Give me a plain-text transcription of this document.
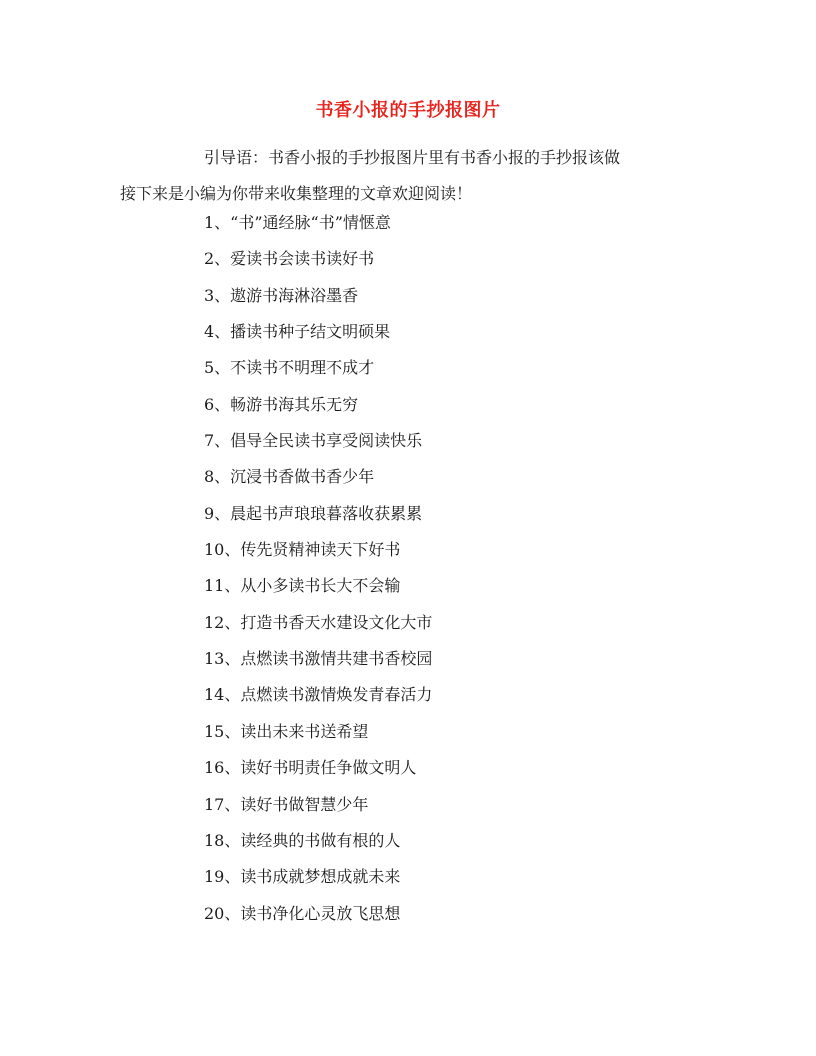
书香小报的手抄报图片
引导语：书香小报的手抄报图片里有书香小报的手抄报该做
接下来是小编为你带来收集整理的文章欢迎阅读！
1、“书”通经脉“书”情惬意
2、爱读书会读书读好书
3、遨游书海淋浴墨香
4、播读书种子结文明硕果
5、不读书不明理不成才
6、畅游书海其乐无穷
7、倡导全民读书享受阅读快乐
8、沉浸书香做书香少年
9、晨起书声琅琅暮落收获累累
10、传先贤精神读天下好书
11、从小多读书长大不会输
12、打造书香天水建设文化大市
13、点燃读书激情共建书香校园
14、点燃读书激情焕发青春活力
15、读出未来书送希望
16、读好书明责任争做文明人
17、读好书做智慧少年
18、读经典的书做有根的人
19、读书成就梦想成就未来
20、读书净化心灵放飞思想
